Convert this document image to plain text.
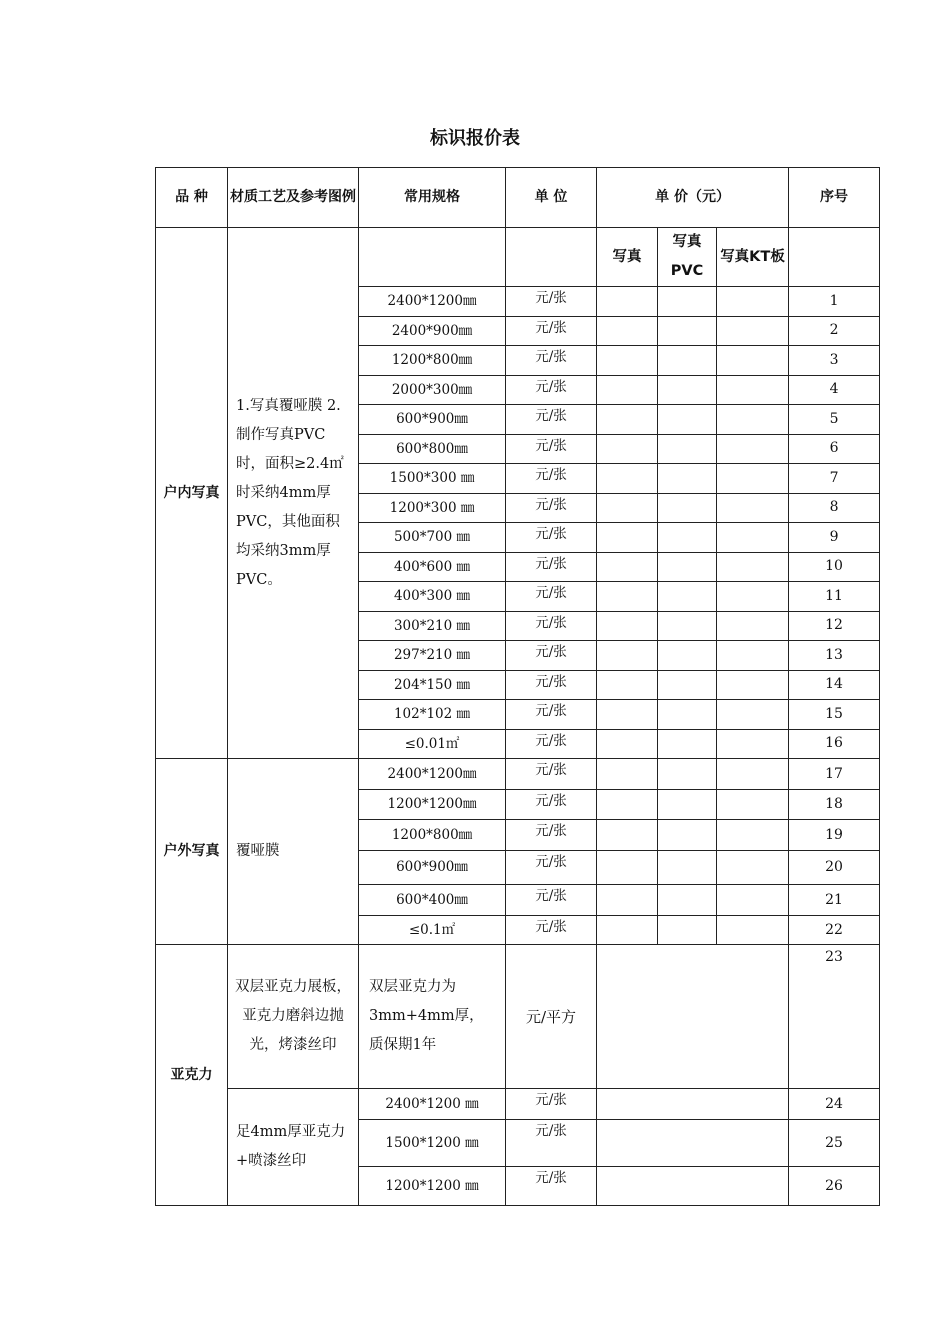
标识报价表
品 种	材质工艺及参考图例	常用规格	单 位	单 价（元）			序号
户内写真	1.写真覆哑膜 2.制作写真PVC时，面积≥2.4㎡时采纳4mm厚PVC，其他面积均采纳3mm厚PVC。			写真	写真PVC	写真KT板	
		2400*1200㎜	元/张				1
		2400*900㎜	元/张				2
		1200*800㎜	元/张				3
		2000*300㎜	元/张				4
		600*900㎜	元/张				5
		600*800㎜	元/张				6
		1500*300 ㎜	元/张				7
		1200*300 ㎜	元/张				8
		500*700 ㎜	元/张				9
		400*600 ㎜	元/张				10
		400*300 ㎜	元/张				11
		300*210 ㎜	元/张				12
		297*210 ㎜	元/张				13
		204*150 ㎜	元/张				14
		102*102 ㎜	元/张				15
		≤0.01㎡	元/张				16
户外写真	覆哑膜	2400*1200㎜	元/张				17
		1200*1200㎜	元/张				18
		1200*800㎜	元/张				19
		600*900㎜	元/张				20
		600*400㎜	元/张				21
		≤0.1㎡	元/张				22
亚克力	双层亚克力展板，亚克力磨斜边抛光，烤漆丝印	双层亚克力为3mm+4mm厚，质保期1年	元/平方				23
	足4mm厚亚克力 +喷漆丝印	2400*1200 ㎜	元/张				24
		1500*1200 ㎜	元/张				25
		1200*1200 ㎜	元/张				26
